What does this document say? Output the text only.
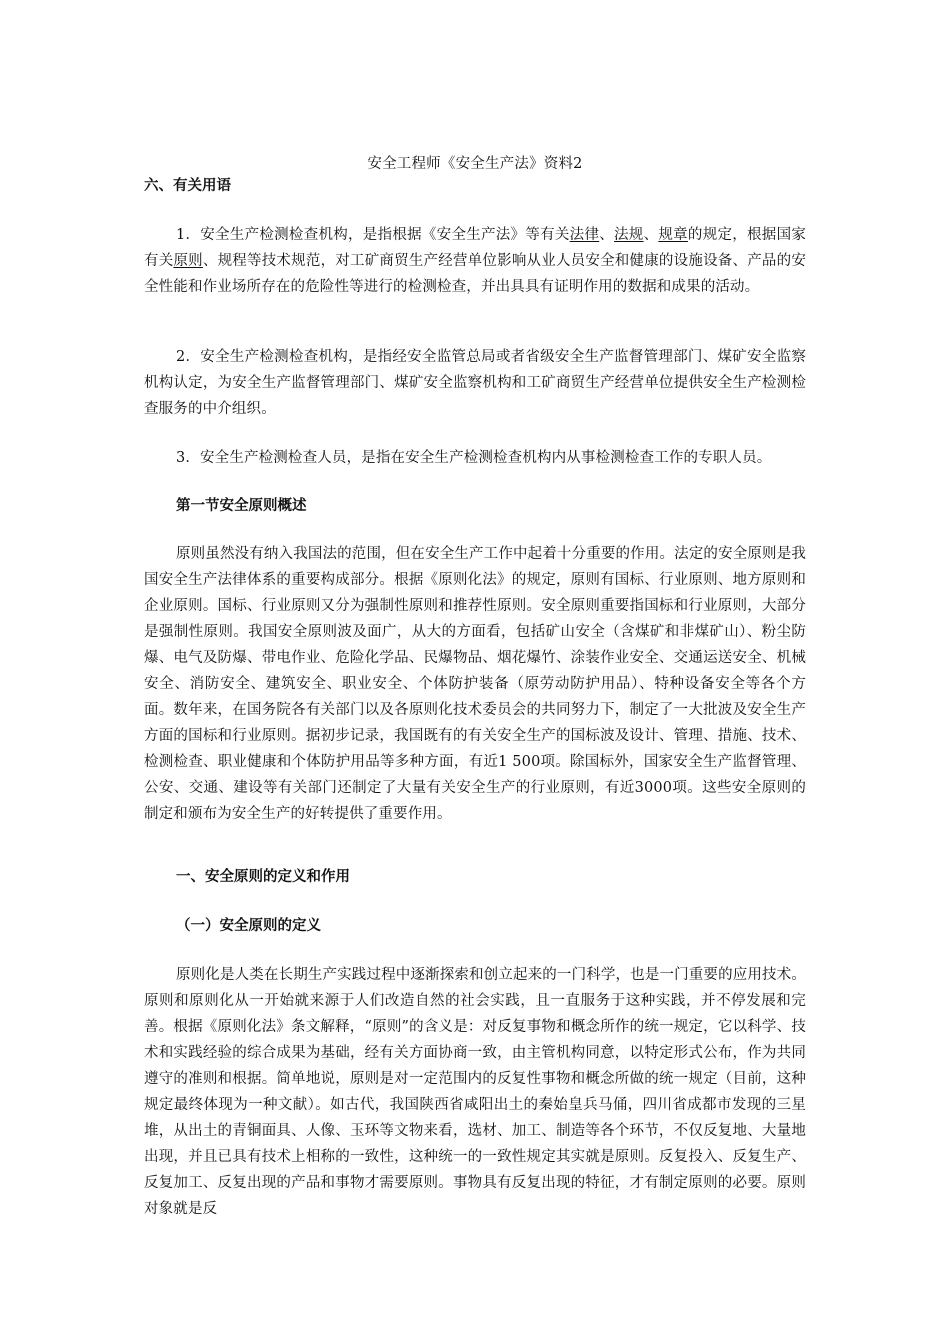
安全工程师《安全生产法》资料2
六、有关用语

1．安全生产检测检查机构，是指根据《安全生产法》等有关法律、法规、规章的规定，根据国家有关原则、规程等技术规范，对工矿商贸生产经营单位影响从业人员安全和健康的设施设备、产品的安全性能和作业场所存在的危险性等进行的检测检查，并出具具有证明作用的数据和成果的活动。

2．安全生产检测检查机构，是指经安全监管总局或者省级安全生产监督管理部门、煤矿安全监察机构认定，为安全生产监督管理部门、煤矿安全监察机构和工矿商贸生产经营单位提供安全生产检测检查服务的中介组织。

3．安全生产检测检查人员，是指在安全生产检测检查机构内从事检测检查工作的专职人员。

第一节安全原则概述

原则虽然没有纳入我国法的范围，但在安全生产工作中起着十分重要的作用。法定的安全原则是我国安全生产法律体系的重要构成部分。根据《原则化法》的规定，原则有国标、行业原则、地方原则和企业原则。国标、行业原则又分为强制性原则和推荐性原则。安全原则重要指国标和行业原则，大部分是强制性原则。我国安全原则波及面广，从大的方面看，包括矿山安全（含煤矿和非煤矿山）、粉尘防爆、电气及防爆、带电作业、危险化学品、民爆物品、烟花爆竹、涂装作业安全、交通运送安全、机械安全、消防安全、建筑安全、职业安全、个体防护装备（原劳动防护用品）、特种设备安全等各个方面。数年来，在国务院各有关部门以及各原则化技术委员会的共同努力下，制定了一大批波及安全生产方面的国标和行业原则。据初步记录，我国既有的有关安全生产的国标波及设计、管理、措施、技术、检测检查、职业健康和个体防护用品等多种方面，有近1 500项。除国标外，国家安全生产监督管理、公安、交通、建设等有关部门还制定了大量有关安全生产的行业原则，有近3000项。这些安全原则的制定和颁布为安全生产的好转提供了重要作用。

一、安全原则的定义和作用
（一）安全原则的定义

原则化是人类在长期生产实践过程中逐渐探索和创立起来的一门科学，也是一门重要的应用技术。原则和原则化从一开始就来源于人们改造自然的社会实践，且一直服务于这种实践，并不停发展和完善。根据《原则化法》条文解释，“原则”的含义是：对反复事物和概念所作的统一规定，它以科学、技术和实践经验的综合成果为基础，经有关方面协商一致，由主管机构同意，以特定形式公布，作为共同遵守的准则和根据。简单地说，原则是对一定范围内的反复性事物和概念所做的统一规定（目前，这种规定最终体现为一种文献）。如古代，我国陕西省咸阳出土的秦始皇兵马俑，四川省成都市发现的三星堆，从出土的青铜面具、人像、玉环等文物来看，选材、加工、制造等各个环节，不仅反复地、大量地出现，并且已具有技术上相称的一致性，这种统一的一致性规定其实就是原则。反复投入、反复生产、反复加工、反复出现的产品和事物才需要原则。事物具有反复出现的特征，才有制定原则的必要。原则对象就是反
